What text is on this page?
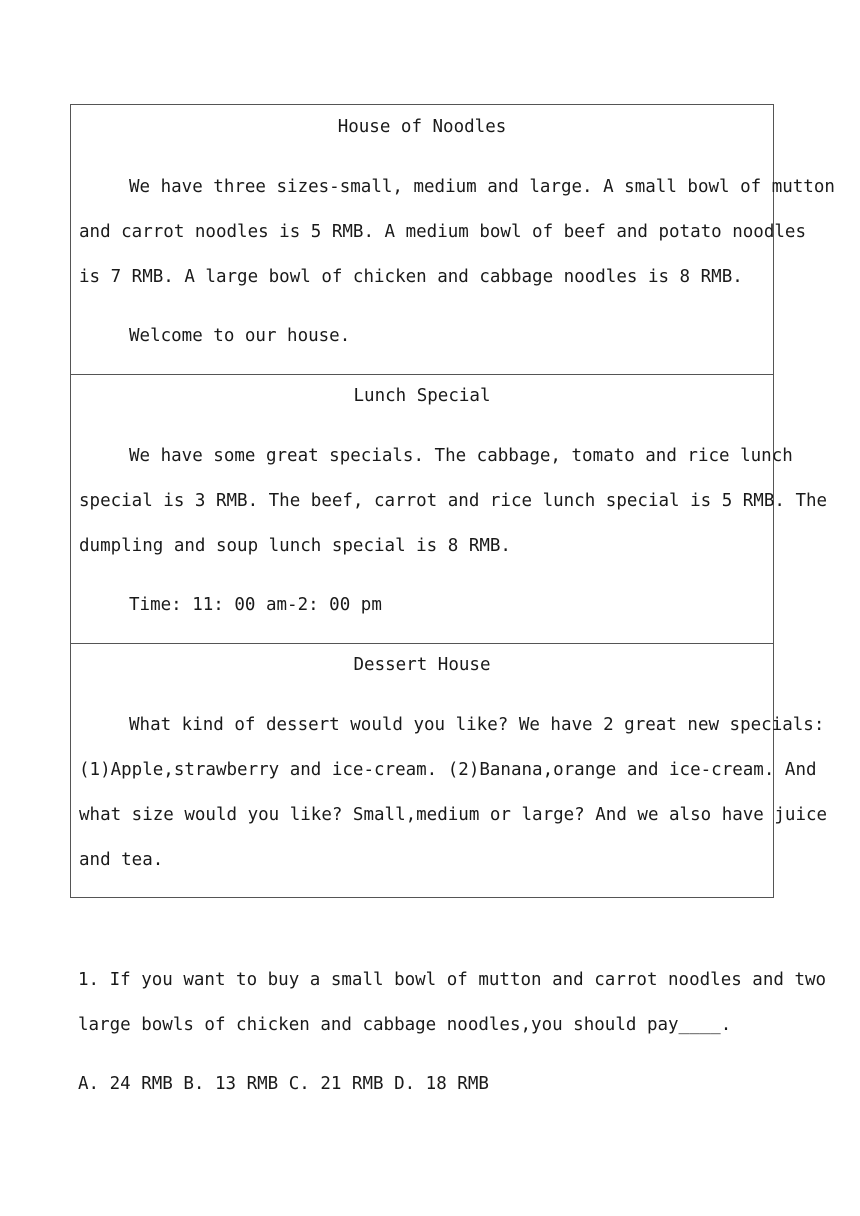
House of Noodles
We have three sizes-small, medium and large. A small bowl of mutton
and carrot noodles is 5 RMB. A medium bowl of beef and potato noodles
is 7 RMB. A large bowl of chicken and cabbage noodles is 8 RMB.
Welcome to our house.
Lunch Special
We have some great specials. The cabbage, tomato and rice lunch
special is 3 RMB. The beef, carrot and rice lunch special is 5 RMB. The
dumpling and soup lunch special is 8 RMB.
Time: 11: 00 am-2: 00 pm
Dessert House
What kind of dessert would you like? We have 2 great new specials:
(1)Apple,strawberry and ice-cream. (2)Banana,orange and ice-cream. And
what size would you like? Small,medium or large? And we also have juice
and tea.
1. If you want to buy a small bowl of mutton and carrot noodles and two
large bowls of chicken and cabbage noodles,you should pay____.
A. 24 RMB B. 13 RMB C. 21 RMB D. 18 RMB
